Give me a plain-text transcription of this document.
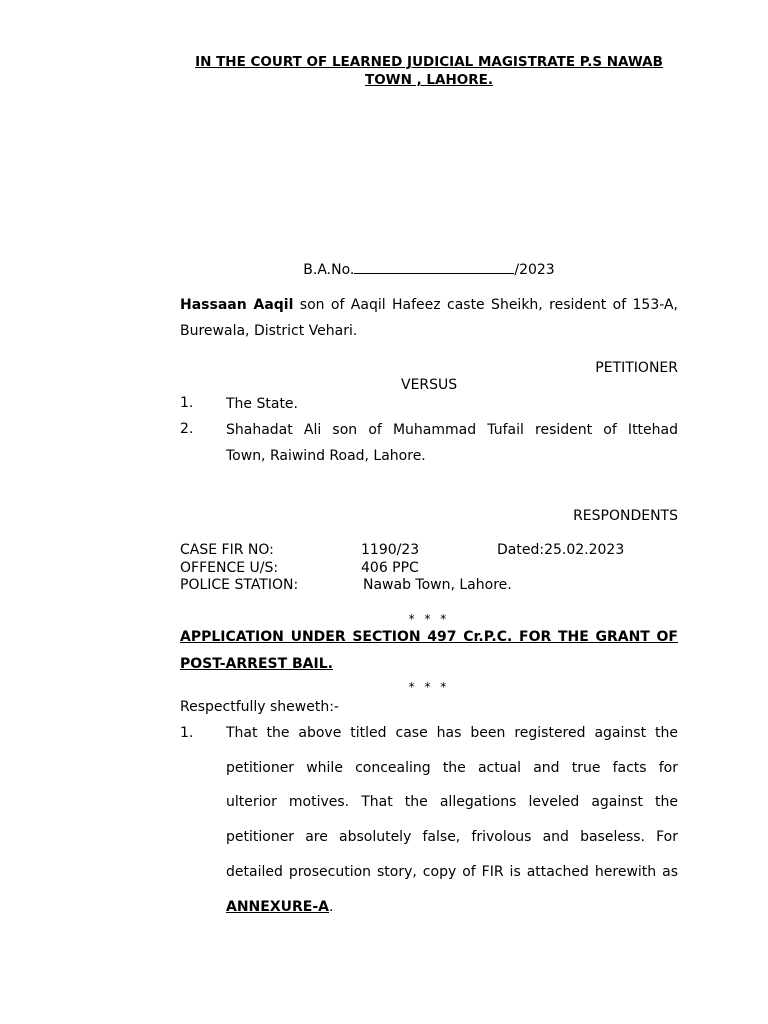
IN THE COURT OF LEARNED JUDICIAL MAGISTRATE P.S NAWAB
TOWN , LAHORE.
B.A.No.	/2023
Hassaan Aaqil son of Aaqil Hafeez caste Sheikh, resident of 153-A,
Burewala, District Vehari.
PETITIONER
VERSUS
1. The State.
2. Shahadat Ali son of Muhammad Tufail resident of Ittehad
Town, Raiwind Road, Lahore.
RESPONDENTS
CASE FIR NO:	1190/23	Dated:25.02.2023
OFFENCE U/S:	406 PPC
POLICE STATION:	Nawab Town, Lahore.
* * *
APPLICATION UNDER SECTION 497 Cr.P.C. FOR THE GRANT OF
POST-ARREST BAIL.
* * *
Respectfully sheweth:-
1. That the above titled case has been registered against the
petitioner while concealing the actual and true facts for
ulterior motives. That the allegations leveled against the
petitioner are absolutely false, frivolous and baseless. For
detailed prosecution story, copy of FIR is attached herewith as
ANNEXURE-A.
